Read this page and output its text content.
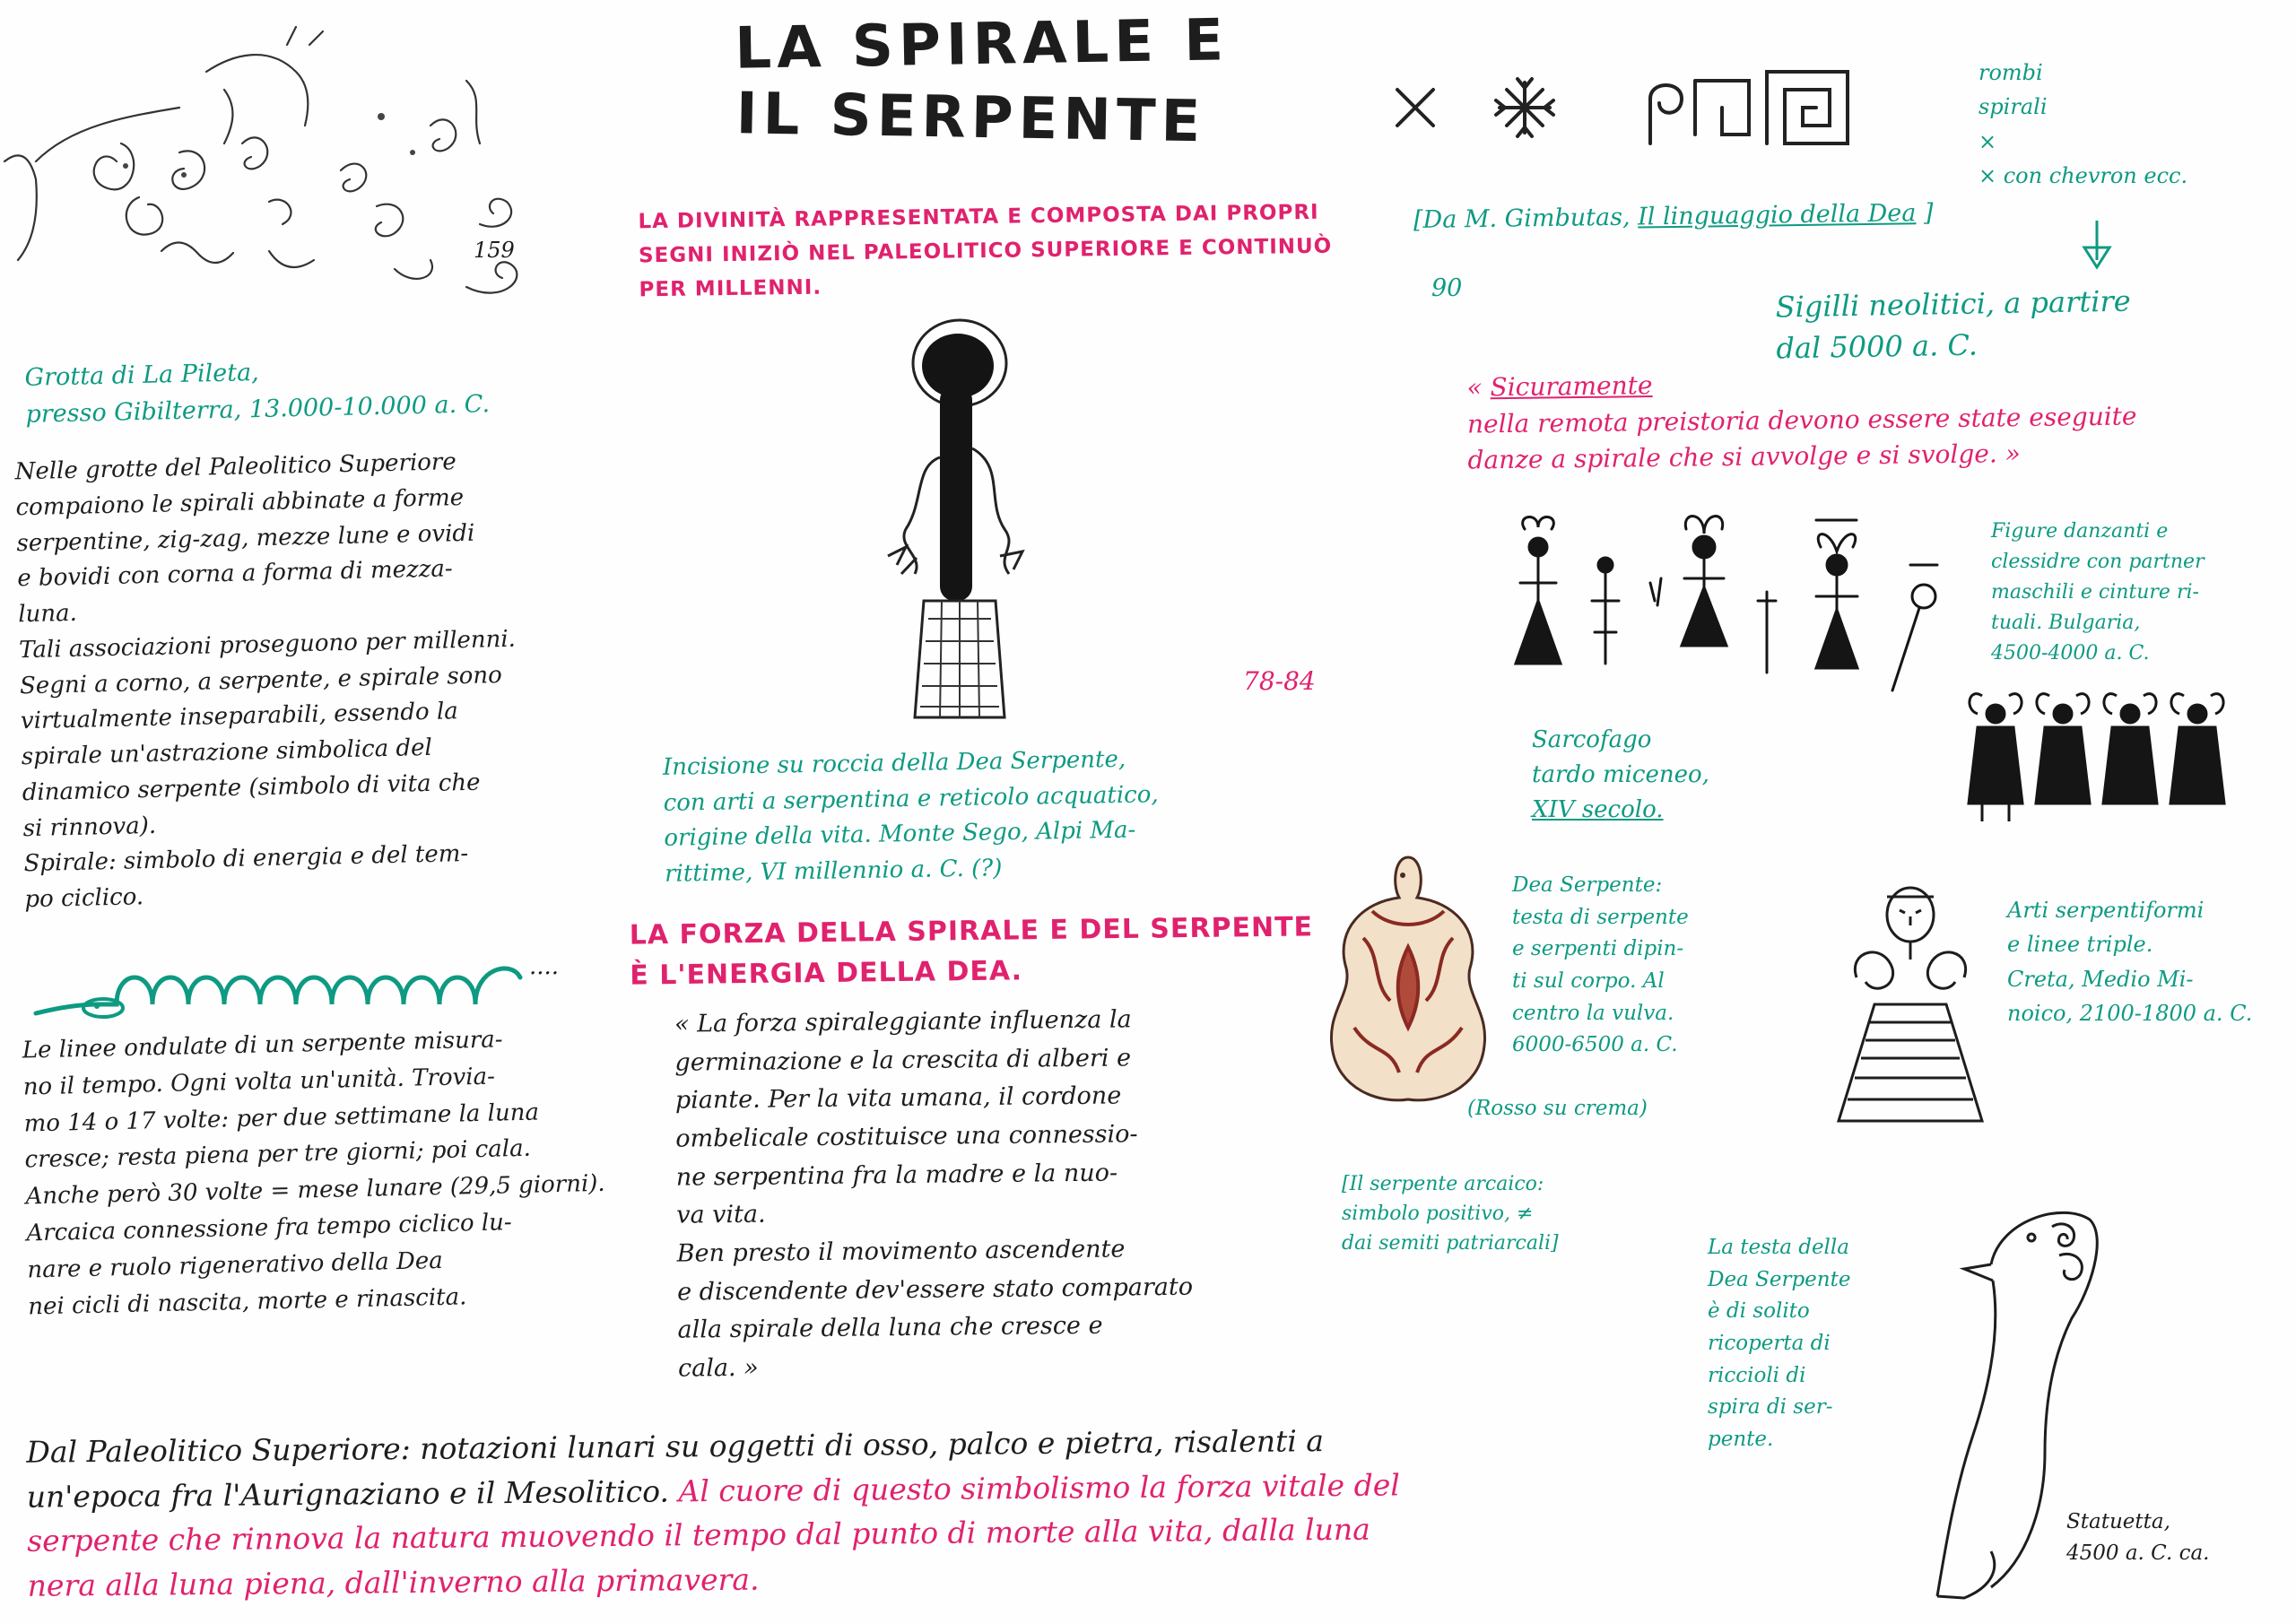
LA SPIRALE E
IL SERPENTE
159
Grotta di La Pileta,
presso Gibilterra, 13.000-10.000 a. C.
Nelle grotte del Paleolitico Superiore
compaiono le spirali abbinate a forme
serpentine, zig-zag, mezze lune e ovidi
e bovidi con corna a forma di mezza-
luna.
Tali associazioni proseguono per millenni.
Segni a corno, a serpente, e spirale sono
virtualmente inseparabili, essendo la
spirale un'astrazione simbolica del
dinamico serpente (simbolo di vita che
si rinnova).
Spirale: simbolo di energia e del tem-
po ciclico.
....
Le linee ondulate di un serpente misura-
no il tempo. Ogni volta un'unità. Trovia-
mo 14 o 17 volte: per due settimane la luna
cresce; resta piena per tre giorni; poi cala.
Anche però 30 volte = mese lunare (29,5 giorni).
Arcaica connessione fra tempo ciclico lu-
nare e ruolo rigenerativo della Dea
nei cicli di nascita, morte e rinascita.
LA DIVINITÀ RAPPRESENTATA E COMPOSTA DAI PROPRI
SEGNI INIZIÒ NEL PALEOLITICO SUPERIORE E CONTINUÒ
PER MILLENNI.
78-84
Incisione su roccia della Dea Serpente,
con arti a serpentina e reticolo acquatico,
origine della vita. Monte Sego, Alpi Ma-
rittime, VI millennio a. C. (?)
LA FORZA DELLA SPIRALE E DEL SERPENTE
È L'ENERGIA DELLA DEA.
« La forza spiraleggiante influenza la
germinazione e la crescita di alberi e
piante. Per la vita umana, il cordone
ombelicale costituisce una connessio-
ne serpentina fra la madre e la nuo-
va vita.
Ben presto il movimento ascendente
e discendente dev'essere stato comparato
alla spirale della luna che cresce e
cala. »
rombi
spirali
×
× con chevron ecc.
[Da M. Gimbutas, Il linguaggio della Dea ]
90	Sigilli neolitici, a partire
dal 5000 a. C.
« Sicuramente
nella remota preistoria devono essere state eseguite
danze a spirale che si avvolge e si svolge. »
Figure danzanti e
clessidre con partner
maschili e cinture ri-
tuali. Bulgaria,
4500-4000 a. C.
Sarcofago
tardo miceneo,
XIV secolo.
Dea Serpente:
testa di serpente
e serpenti dipin-
ti sul corpo. Al
centro la vulva.
6000-6500 a. C.
(Rosso su crema)
Arti serpentiformi
e linee triple.
Creta, Medio Mi-
noico, 2100-1800 a. C.
[Il serpente arcaico:
simbolo positivo, ≠
dai semiti patriarcali]	La testa della
Dea Serpente
è di solito
ricoperta di
riccioli di
spira di ser-
pente.
Statuetta,
4500 a. C. ca.
Dal Paleolitico Superiore: notazioni lunari su oggetti di osso, palco e pietra, risalenti a
un'epoca fra l'Aurignaziano e il Mesolitico. Al cuore di questo simbolismo la forza vitale del
serpente che rinnova la natura muovendo il tempo dal punto di morte alla vita, dalla luna
nera alla luna piena, dall'inverno alla primavera.
